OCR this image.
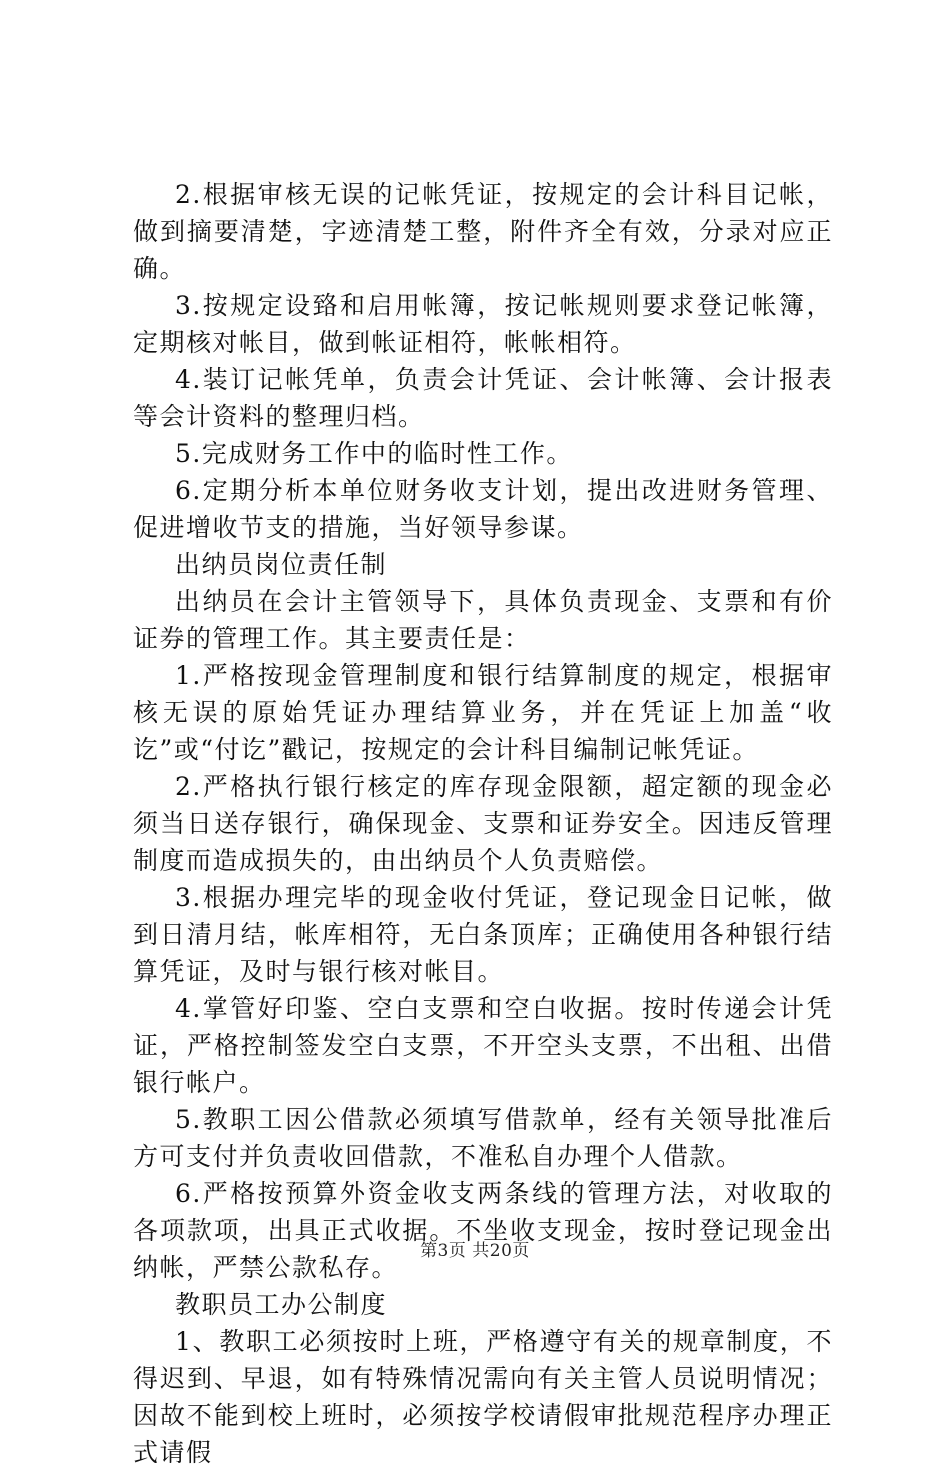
2.根据审核无误的记帐凭证，按规定的会计科目记帐，做到摘要清楚，字迹清楚工整，附件齐全有效，分录对应正确。

3.按规定设臵和启用帐簿，按记帐规则要求登记帐簿，定期核对帐目，做到帐证相符，帐帐相符。

4.装订记帐凭单，负责会计凭证、会计帐簿、会计报表等会计资料的整理归档。

5.完成财务工作中的临时性工作。

6.定期分析本单位财务收支计划，提出改进财务管理、促进增收节支的措施，当好领导参谋。

出纳员岗位责任制

出纳员在会计主管领导下，具体负责现金、支票和有价证券的管理工作。其主要责任是：

1.严格按现金管理制度和银行结算制度的规定，根据审核无误的原始凭证办理结算业务，并在凭证上加盖“收讫”或“付讫”戳记，按规定的会计科目编制记帐凭证。

2.严格执行银行核定的库存现金限额，超定额的现金必须当日送存银行，确保现金、支票和证券安全。因违反管理制度而造成损失的，由出纳员个人负责赔偿。

3.根据办理完毕的现金收付凭证，登记现金日记帐，做到日清月结，帐库相符，无白条顶库；正确使用各种银行结算凭证，及时与银行核对帐目。

4.掌管好印鉴、空白支票和空白收据。按时传递会计凭证，严格控制签发空白支票，不开空头支票，不出租、出借银行帐户。

5.教职工因公借款必须填写借款单，经有关领导批准后方可支付并负责收回借款，不准私自办理个人借款。

6.严格按预算外资金收支两条线的管理方法，对收取的各项款项，出具正式收据。不坐收支现金，按时登记现金出纳帐，严禁公款私存。

教职员工办公制度

1、教职工必须按时上班，严格遵守有关的规章制度，不得迟到、早退，如有特殊情况需向有关主管人员说明情况；因故不能到校上班时，必须按学校请假审批规范程序办理正式请假

第3页 共20页
